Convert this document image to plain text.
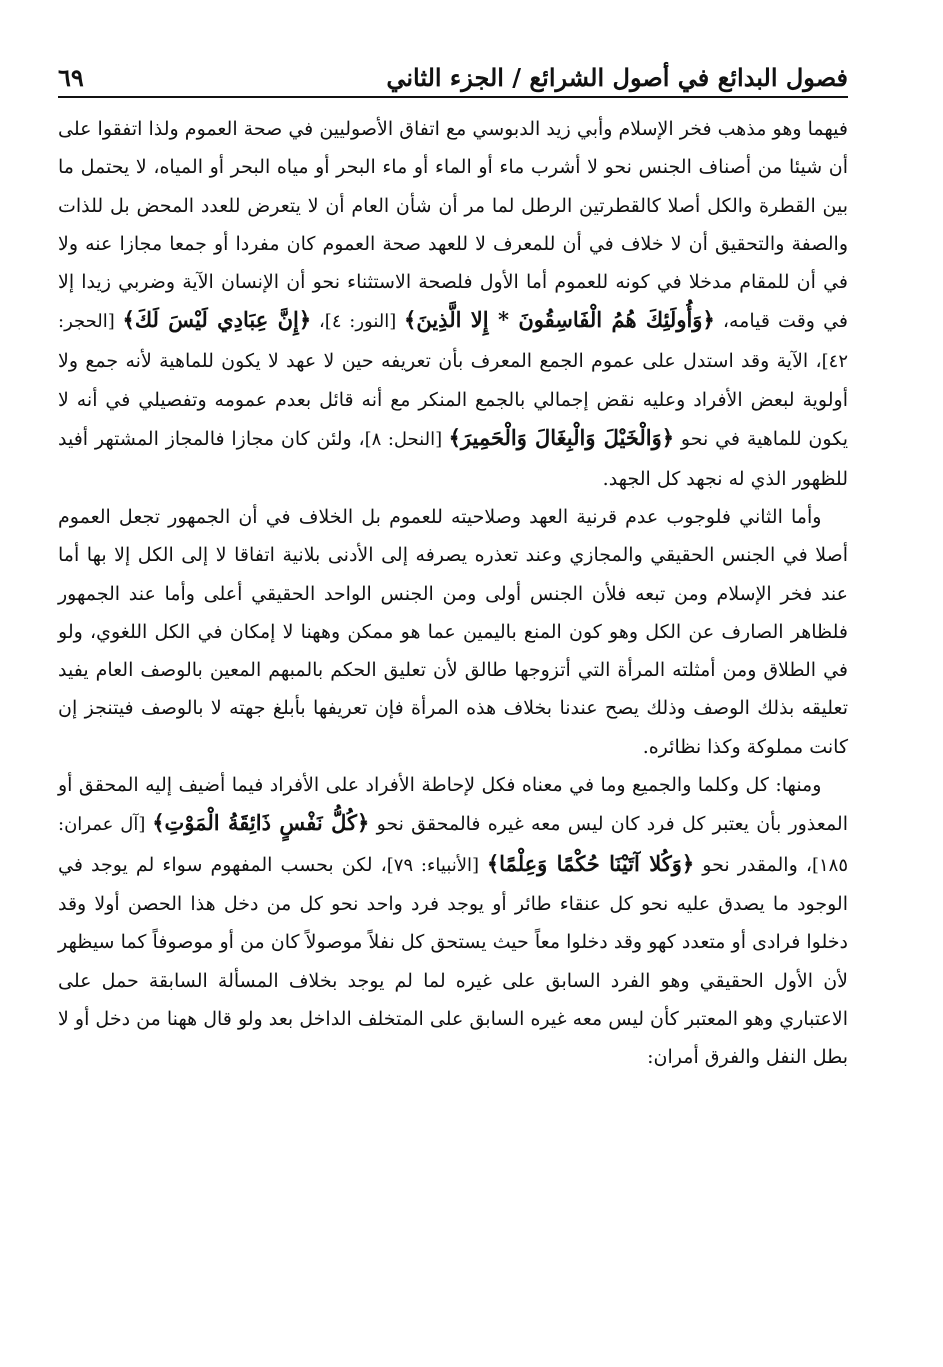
فصول البدائع في أصول الشرائع / الجزء الثاني
٦٩

فيهما وهو مذهب فخر الإسلام وأبي زيد الدبوسي مع اتفاق الأصوليين في صحة العموم ولذا اتفقوا على أن شيئا من أصناف الجنس نحو لا أشرب ماء أو الماء أو ماء البحر أو مياه البحر أو المياه، لا يحتمل ما بين القطرة والكل أصلا كالقطرتين الرطل لما مر أن شأن العام أن لا يتعرض للعدد المحض بل للذات والصفة والتحقيق أن لا خلاف في أن للمعرف لا للعهد صحة العموم كان مفردا أو جمعا مجازا عنه ولا في أن للمقام مدخلا في كونه للعموم أما الأول فلصحة الاستثناء نحو أن الإنسان الآية وضربي زيدا إلا في وقت قيامه، ﴿وَأُولَئِكَ هُمُ الْفَاسِقُونَ * إِلا الَّذِينَ﴾ [النور: ٤]، ﴿إِنَّ عِبَادِي لَيْسَ لَكَ﴾ [الحجر: ٤٢]، الآية وقد استدل على عموم الجمع المعرف بأن تعريفه حين لا عهد لا يكون للماهية لأنه جمع ولا أولوية لبعض الأفراد وعليه نقض إجمالي بالجمع المنكر مع أنه قائل بعدم عمومه وتفصيلي في أنه لا يكون للماهية في نحو ﴿وَالْخَيْلَ وَالْبِغَالَ وَالْحَمِيرَ﴾ [النحل: ٨]، ولئن كان مجازا فالمجاز المشتهر أفيد للظهور الذي له نجهد كل الجهد.

وأما الثاني فلوجوب عدم قرنية العهد وصلاحيته للعموم بل الخلاف في أن الجمهور تجعل العموم أصلا في الجنس الحقيقي والمجازي وعند تعذره يصرفه إلى الأدنى بلانية اتفاقا لا إلى الكل إلا بها أما عند فخر الإسلام ومن تبعه فلأن الجنس أولى ومن الجنس الواحد الحقيقي أعلى وأما عند الجمهور فلظاهر الصارف عن الكل وهو كون المنع باليمين عما هو ممكن وههنا لا إمكان في الكل اللغوي، ولو في الطلاق ومن أمثلته المرأة التي أتزوجها طالق لأن تعليق الحكم بالمبهم المعين بالوصف العام يفيد تعليقه بذلك الوصف وذلك يصح عندنا بخلاف هذه المرأة فإن تعريفها بأبلغ جهته لا بالوصف فيتنجز إن كانت مملوكة وكذا نظائره.

ومنها: كل وكلما والجميع وما في معناه فكل لإحاطة الأفراد على الأفراد فيما أضيف إليه المحقق أو المعذور بأن يعتبر كل فرد كان ليس معه غيره فالمحقق نحو ﴿كُلُّ نَفْسٍ ذَائِقَةُ الْمَوْتِ﴾ [آل عمران: ١٨٥]، والمقدر نحو ﴿وَكُلا آتَيْنَا حُكْمًا وَعِلْمًا﴾ [الأنبياء: ٧٩]، لكن بحسب المفهوم سواء لم يوجد في الوجود ما يصدق عليه نحو كل عنقاء طائر أو يوجد فرد واحد نحو كل من دخل هذا الحصن أولا وقد دخلوا فرادى أو متعدد كهو وقد دخلوا معاً حيث يستحق كل نفلاً موصولاً كان من أو موصوفاً كما سيظهر لأن الأول الحقيقي وهو الفرد السابق على غيره لما لم يوجد بخلاف المسألة السابقة حمل على الاعتباري وهو المعتبر كأن ليس معه غيره السابق على المتخلف الداخل بعد ولو قال ههنا من دخل أو لا بطل النفل والفرق أمران:
